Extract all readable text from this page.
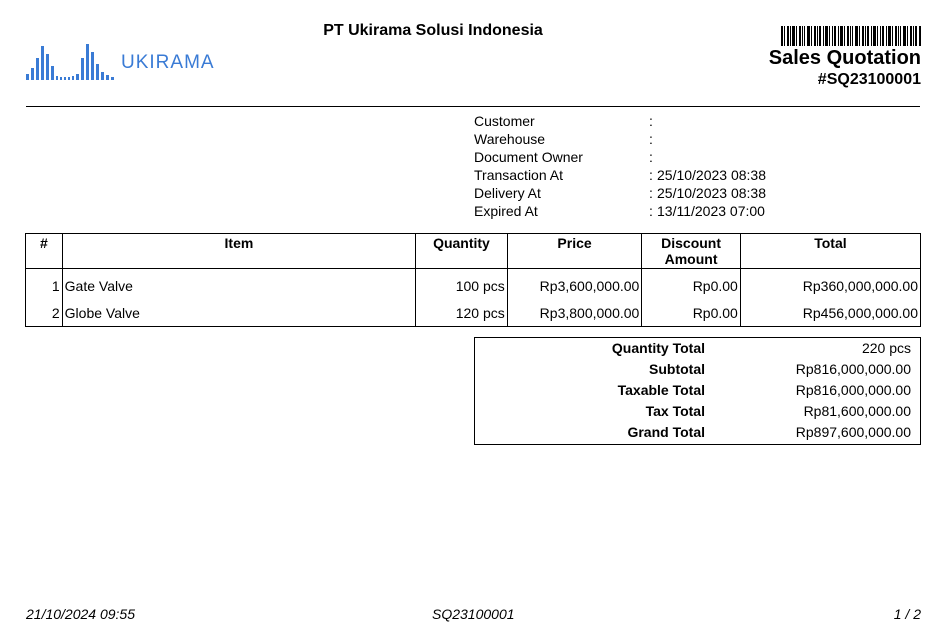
UKIRAMA
PT Ukirama Solusi Indonesia
Sales Quotation
#SQ23100001
Customer	:
Warehouse	:
Document Owner	:
Transaction At	: 25/10/2023 08:38
Delivery At	: 25/10/2023 08:38
Expired At	: 13/11/2023 07:00
#	Item	Quantity	Price	Discount
Amount	Total
1	Gate Valve	100 pcs	Rp3,600,000.00	Rp0.00	Rp360,000,000.00
2	Globe Valve	120 pcs	Rp3,800,000.00	Rp0.00	Rp456,000,000.00
Quantity Total	220 pcs
Subtotal	Rp816,000,000.00
Taxable Total	Rp816,000,000.00
Tax Total	Rp81,600,000.00
Grand Total	Rp897,600,000.00
21/10/2024 09:55	SQ23100001	1 / 2
